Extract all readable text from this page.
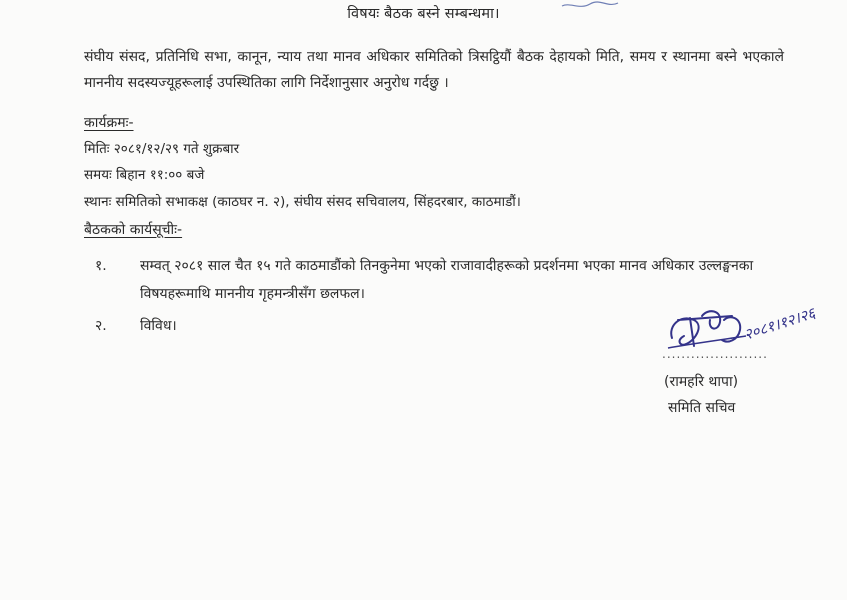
विषयः बैठक बस्ने सम्बन्धमा।
संघीय संसद, प्रतिनिधि सभा, कानून, न्याय तथा मानव अधिकार समितिको त्रिसट्ठियौं बैठक देहायको मिति, समय र स्थानमा बस्ने भएकाले माननीय सदस्यज्यूहरूलाई उपस्थितिका लागि निर्देशानुसार अनुरोध गर्दछु ।
कार्यक्रमः-
मितिः २०८१/१२/२९ गते शुक्रबार
समयः बिहान ११:०० बजे
स्थानः समितिको सभाकक्ष (काठघर न. २), संघीय संसद सचिवालय, सिंहदरबार, काठमाडौं।
बैठकको कार्यसूचीः-
१. सम्वत् २०८१ साल चैत १५ गते काठमाडौंको तिनकुनेमा भएको राजावादीहरूको प्रदर्शनमा भएका मानव अधिकार उल्लङ्घनका विषयहरूमाथि माननीय गृहमन्त्रीसँग छलफल।
२. विविध।	२०८१।१२।२६
......................
(रामहरि थापा)
समिति सचिव
